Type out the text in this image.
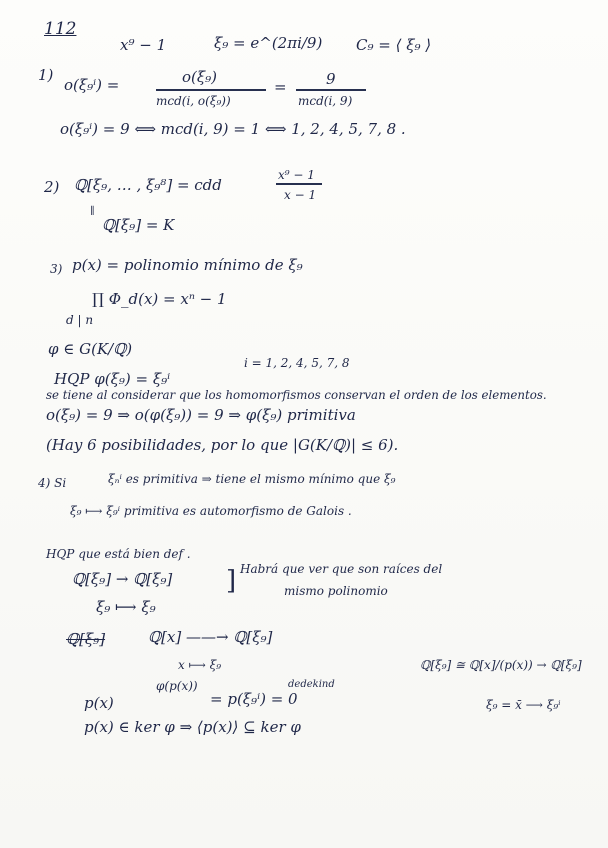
112
x⁹ − 1	ξ₉ = e^(2πi/9) C₉ = ⟨ ξ₉ ⟩
1)
o(ξ₉ⁱ) =	o(ξ₉)
mcd(i, o(ξ₉))
=	9
mcd(i, 9)
o(ξ₉ⁱ) = 9 ⟺ mcd(i, 9) = 1 ⟺ 1, 2, 4, 5, 7, 8 .
2) ℚ[ξ₉, … , ξ₉⁸] = cdd
x⁹ − 1
x − 1
∥
ℚ[ξ₉] = K
3) p(x) = polinomio mínimo de ξ₉
∏ Φ_d(x) = xⁿ − 1
d | n
φ ∈ G(K/ℚ)
HQP φ(ξ₉) = ξ₉ⁱ
i = 1, 2, 4, 5, 7, 8
se tiene al considerar que los homomorfismos conservan el orden de los elementos.
o(ξ₉) = 9 ⇒ o(φ(ξ₉)) = 9 ⇒ φ(ξ₉) primitiva
(Hay 6 posibilidades, por lo que |G(K/ℚ)| ≤ 6).
4) Si	ξₙⁱ es primitiva ⇒ tiene el mismo mínimo que ξ₉
ξ₉ ⟼ ξ₉ⁱ primitiva es automorfismo de Galois .
HQP que está bien def .
ℚ[ξ₉] → ℚ[ξ₉]
ξ₉ ⟼ ξ₉
] Habrá que ver que son raíces del
mismo polinomio
ℚ[ξ₉]	ℚ[x] ——→ ℚ[ξ₉]
x ⟼ ξ₉	ℚ[ξ₉] ≅ ℚ[x]/(p(x)) → ℚ[ξ₉]
ξ₉ = x̄ ⟶ ξ₉ⁱ
φ(p(x))
p(x)	= p(ξ₉ⁱ) = 0
dedekind
p(x) ∈ ker φ ⇒ ⟨p(x)⟩ ⊆ ker φ
